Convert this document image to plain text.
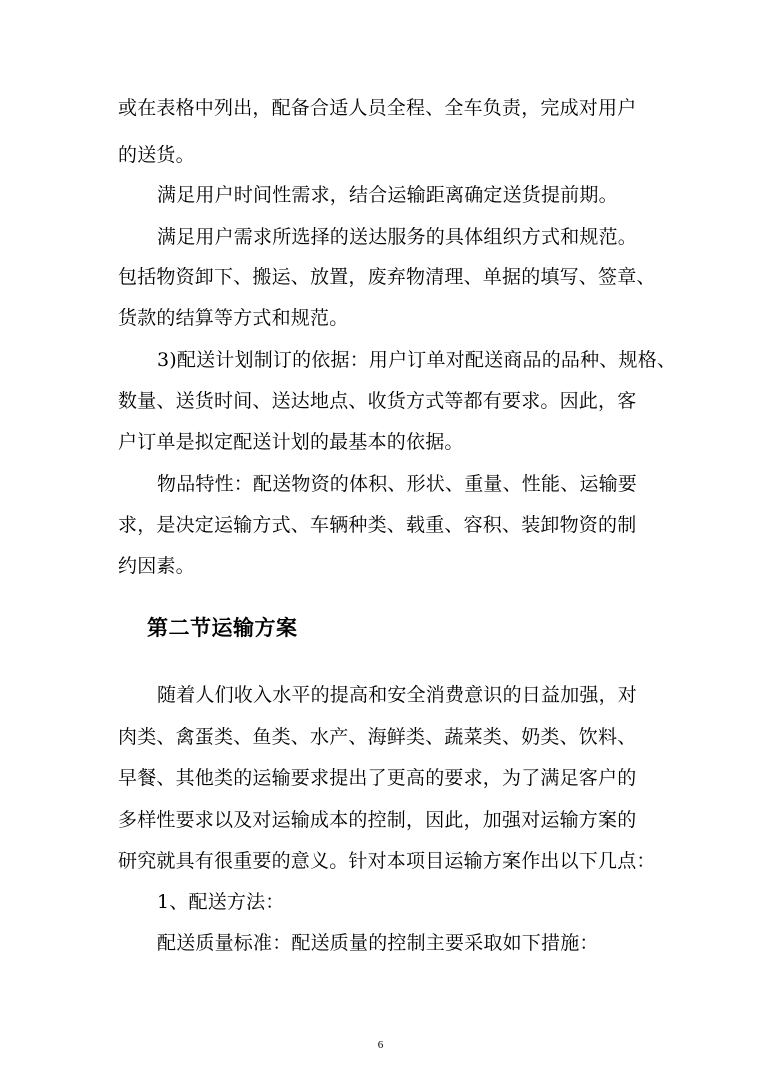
或在表格中列出，配备合适人员全程、全车负责，完成对用户
的送货。
满足用户时间性需求，结合运输距离确定送货提前期。
满足用户需求所选择的送达服务的具体组织方式和规范。
包括物资卸下、搬运、放置，废弃物清理、单据的填写、签章、
货款的结算等方式和规范。
3)配送计划制订的依据：用户订单对配送商品的品种、规格、
数量、送货时间、送达地点、收货方式等都有要求。因此，客
户订单是拟定配送计划的最基本的依据。
物品特性：配送物资的体积、形状、重量、性能、运输要
求，是决定运输方式、车辆种类、载重、容积、装卸物资的制
约因素。
第二节运输方案
随着人们收入水平的提高和安全消费意识的日益加强，对
肉类、禽蛋类、鱼类、水产、海鲜类、蔬菜类、奶类、饮料、
早餐、其他类的运输要求提出了更高的要求，为了满足客户的
多样性要求以及对运输成本的控制，因此，加强对运输方案的
研究就具有很重要的意义。针对本项目运输方案作出以下几点：
1、配送方法：
配送质量标准：配送质量的控制主要采取如下措施：
6
